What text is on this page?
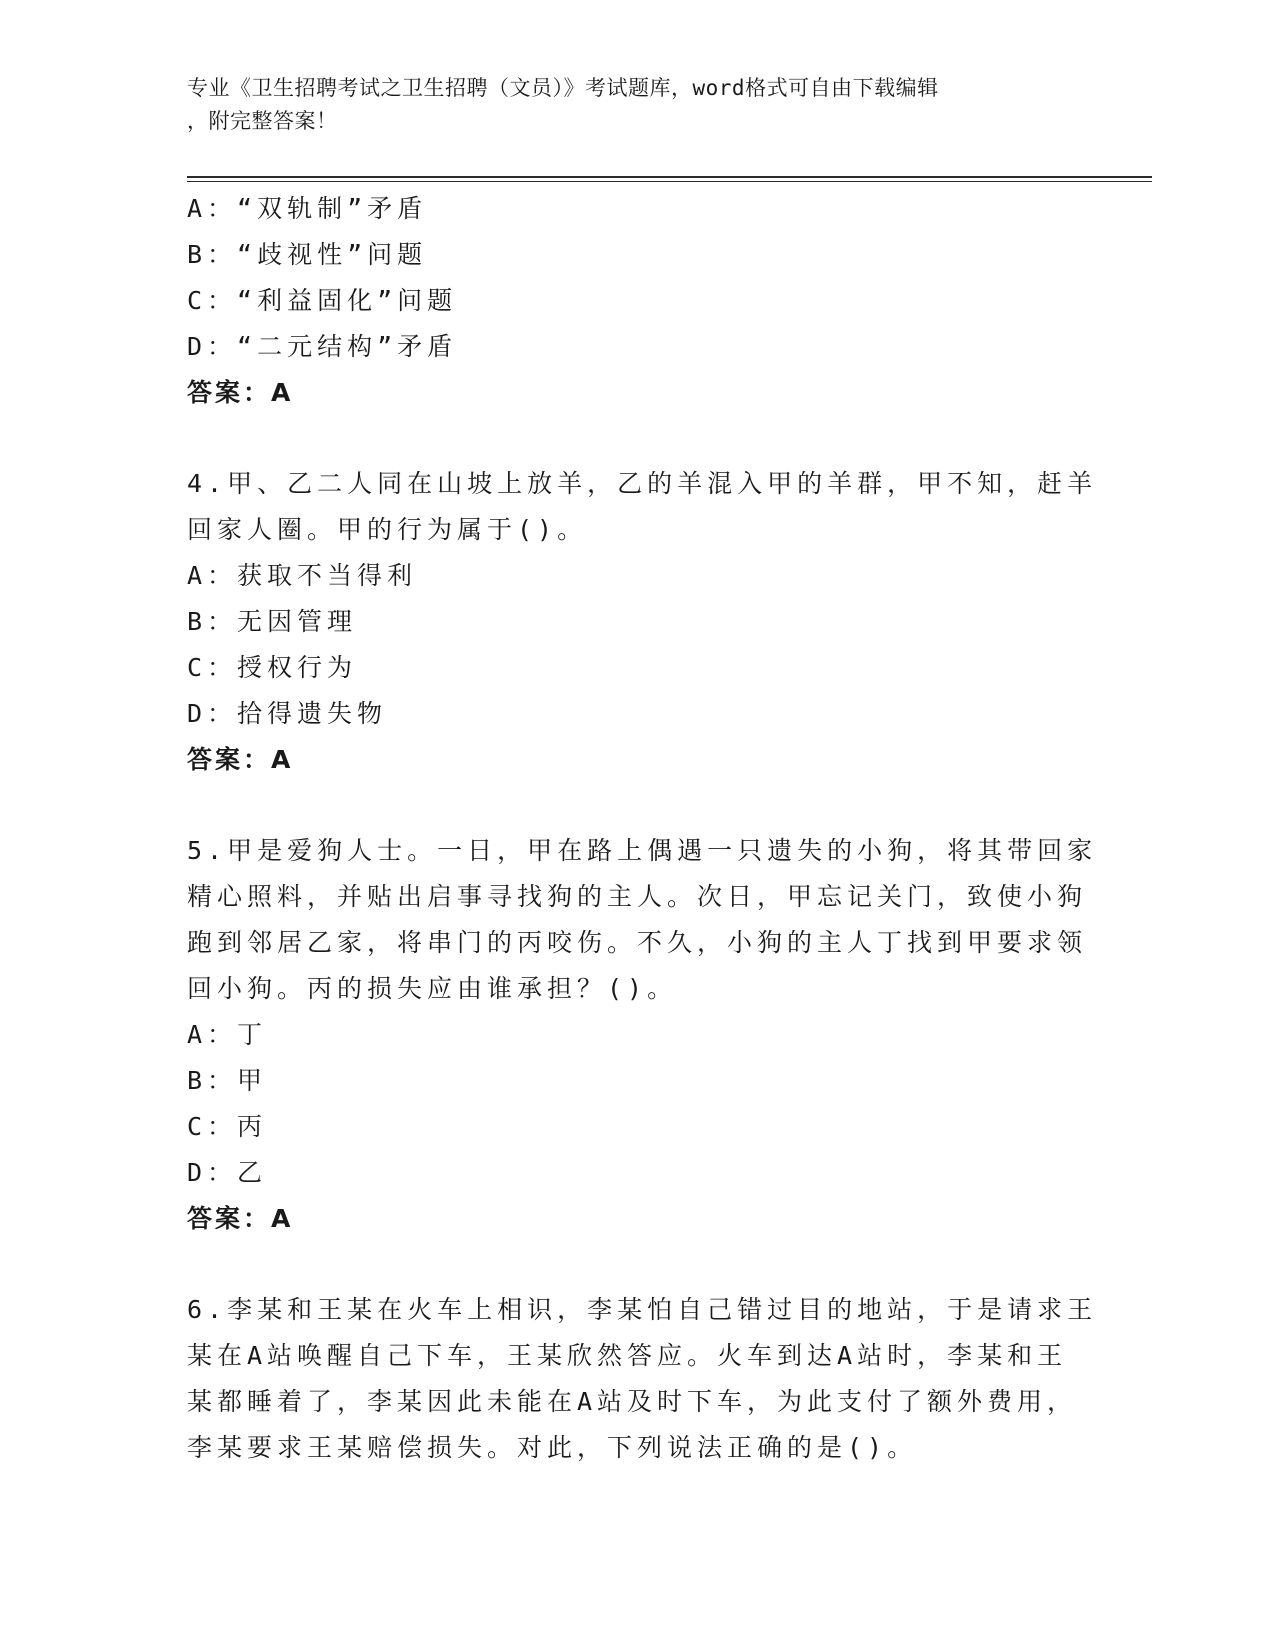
专业《卫生招聘考试之卫生招聘（文员）》考试题库，word格式可自由下载编辑
，附完整答案！
A：“双轨制”矛盾
B：“歧视性”问题
C：“利益固化”问题
D：“二元结构”矛盾
答案：A
4.甲、乙二人同在山坡上放羊，乙的羊混入甲的羊群，甲不知，赶羊
回家人圈。甲的行为属于()。
A：获取不当得利
B：无因管理
C：授权行为
D：拾得遗失物
答案：A
5.甲是爱狗人士。一日，甲在路上偶遇一只遗失的小狗，将其带回家
精心照料，并贴出启事寻找狗的主人。次日，甲忘记关门，致使小狗
跑到邻居乙家，将串门的丙咬伤。不久，小狗的主人丁找到甲要求领
回小狗。丙的损失应由谁承担？()。
A：丁
B：甲
C：丙
D：乙
答案：A
6.李某和王某在火车上相识，李某怕自己错过目的地站，于是请求王
某在A站唤醒自己下车，王某欣然答应。火车到达A站时，李某和王
某都睡着了，李某因此未能在A站及时下车，为此支付了额外费用，
李某要求王某赔偿损失。对此，下列说法正确的是()。
